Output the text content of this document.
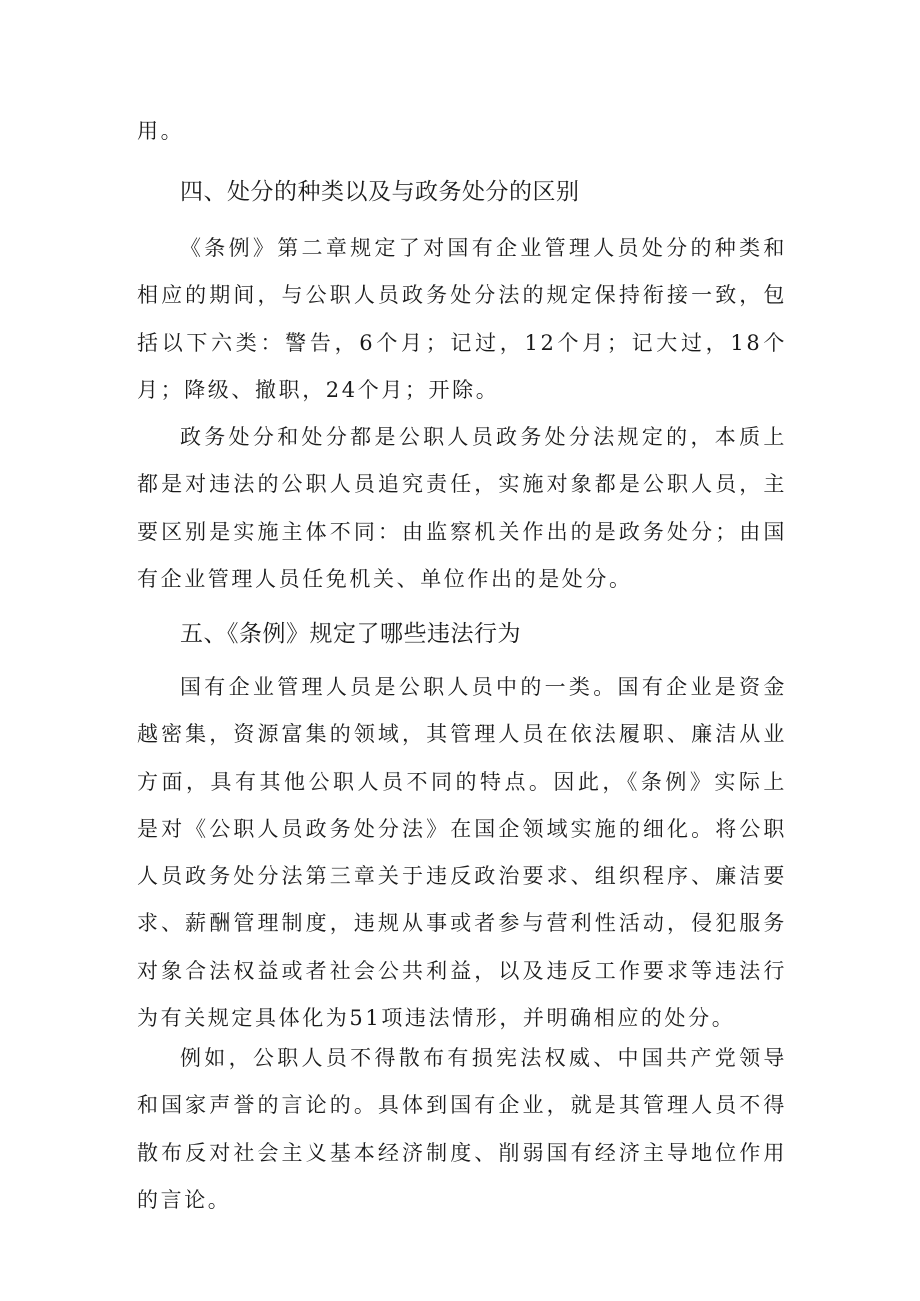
用。

四、处分的种类以及与政务处分的区别

《条例》第二章规定了对国有企业管理人员处分的种类和相应的期间，与公职人员政务处分法的规定保持衔接一致，包括以下六类：警告，6个月；记过，12个月；记大过，18个月；降级、撤职，24个月；开除。

政务处分和处分都是公职人员政务处分法规定的，本质上都是对违法的公职人员追究责任，实施对象都是公职人员，主要区别是实施主体不同：由监察机关作出的是政务处分；由国有企业管理人员任免机关、单位作出的是处分。

五、《条例》规定了哪些违法行为

国有企业管理人员是公职人员中的一类。国有企业是资金越密集，资源富集的领域，其管理人员在依法履职、廉洁从业方面，具有其他公职人员不同的特点。因此，《条例》实际上是对《公职人员政务处分法》在国企领域实施的细化。将公职人员政务处分法第三章关于违反政治要求、组织程序、廉洁要求、薪酬管理制度，违规从事或者参与营利性活动，侵犯服务对象合法权益或者社会公共利益，以及违反工作要求等违法行为有关规定具体化为51项违法情形，并明确相应的处分。

例如，公职人员不得散布有损宪法权威、中国共产党领导和国家声誉的言论的。具体到国有企业，就是其管理人员不得散布反对社会主义基本经济制度、削弱国有经济主导地位作用的言论。
